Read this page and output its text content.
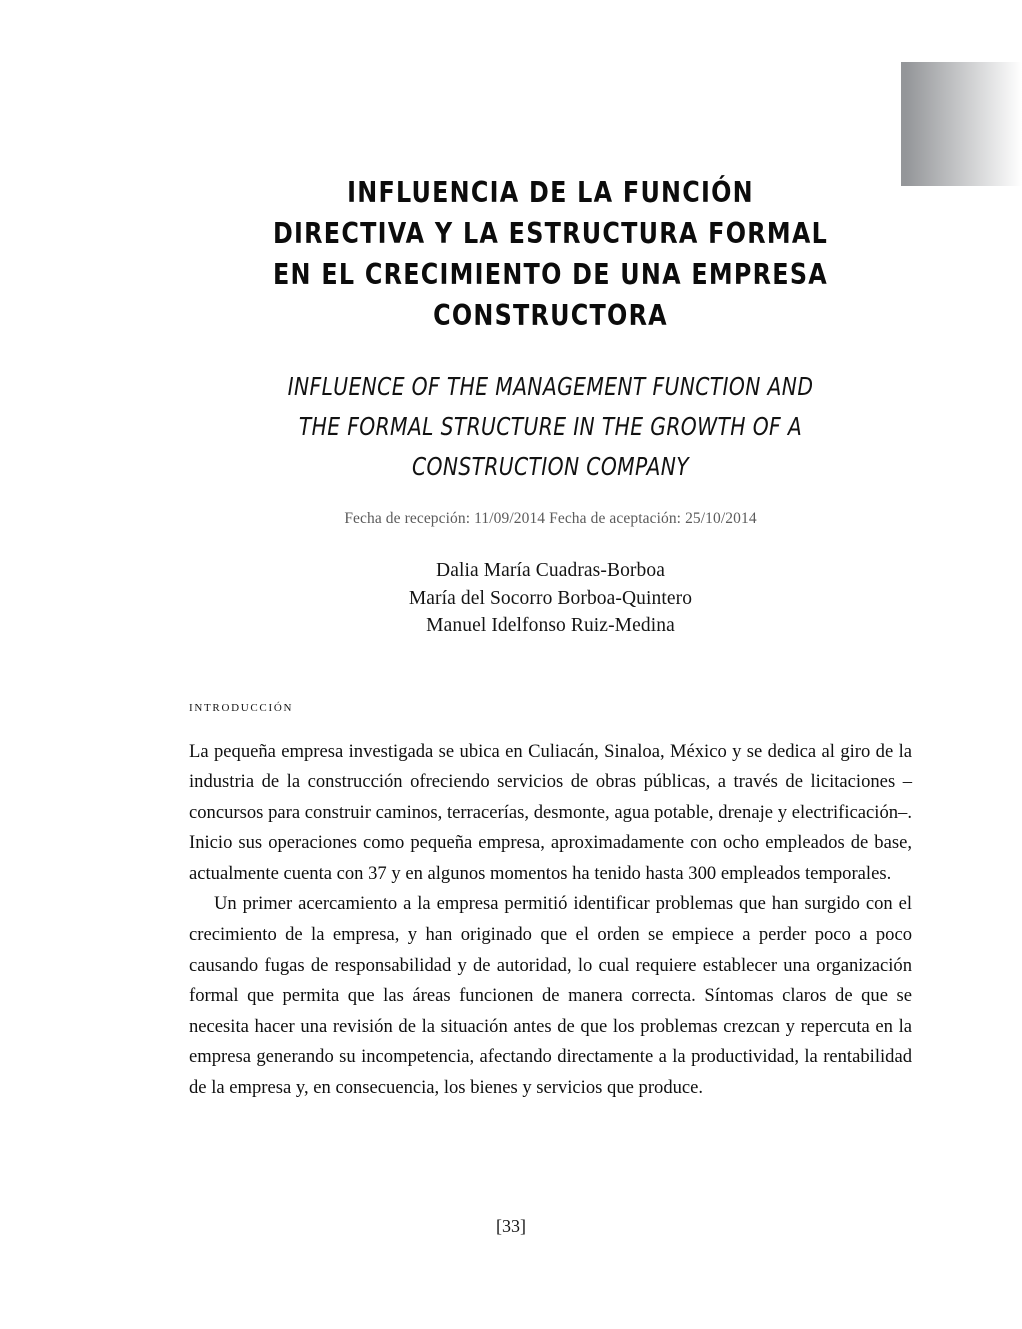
INFLUENCIA DE LA FUNCIÓN
DIRECTIVA Y LA ESTRUCTURA FORMAL
EN EL CRECIMIENTO DE UNA EMPRESA
CONSTRUCTORA
INFLUENCE OF THE MANAGEMENT FUNCTION AND
THE FORMAL STRUCTURE IN THE GROWTH OF A
CONSTRUCTION COMPANY
Fecha de recepción: 11/09/2014 Fecha de aceptación: 25/10/2014
Dalia María Cuadras-Borboa
María del Socorro Borboa-Quintero
Manuel Idelfonso Ruiz-Medina
introducción

La pequeña empresa investigada se ubica en Culiacán, Sinaloa, México y se dedica al giro de la industria de la construcción ofreciendo servicios de obras públicas, a través de licitaciones –concursos para construir caminos, terracerías, desmonte, agua potable, drenaje y electrificación–. Inicio sus operaciones como pequeña empresa, aproximadamente con ocho empleados de base, actualmente cuenta con 37 y en algunos momentos ha tenido hasta 300 empleados temporales.

Un primer acercamiento a la empresa permitió identificar problemas que han surgido con el crecimiento de la empresa, y han originado que el orden se empiece a perder poco a poco causando fugas de responsabilidad y de autoridad, lo cual requiere establecer una organización formal que permita que las áreas funcionen de manera correcta. Síntomas claros de que se necesita hacer una revisión de la situación antes de que los problemas crezcan y repercuta en la empresa generando su incompetencia, afectando directamente a la productividad, la rentabilidad de la empresa y, en consecuencia, los bienes y servicios que produce.

[33]
